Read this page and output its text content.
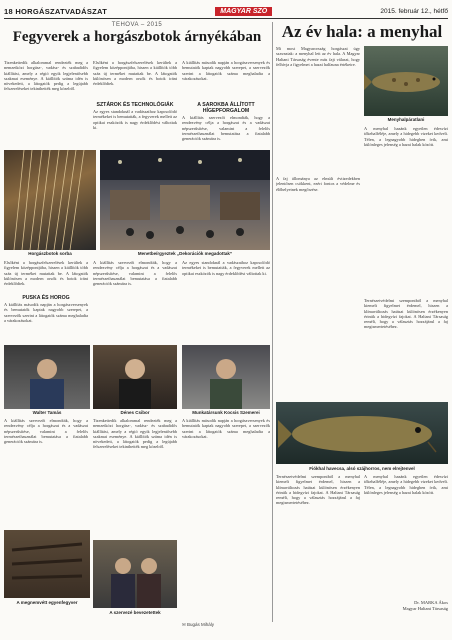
18 HORGÁSZATVADÁSZAT	MAGYAR SZÓ	2015. február 12., hétfő
TEHOVA – 2015
Fegyverek a horgászbotok árnyékában
Tizenkettedik alkalommal rendezték meg a nemzetközi horgász-, vadász- és szabadidős kiállítást, amely a régió egyik legjelentősebb szakmai eseménye. A kiállítók száma idén is növekedett, a látogatók pedig a legújabb felszereléseket tekinthették meg közelről.
Elsőként a horgászfelszerelések kerültek a figyelem középpontjába, hiszen a kiállítók több száz új terméket mutattak be. A látogatók különösen a modern orsók és botok iránt érdeklődtek.
SZTÁROK ÉS TECHNOLÓGIÁK
Az egyes standoknál a vadászathoz kapcsolódó termékeket is bemutatták, a fegyverek mellett az optikai eszközök is nagy érdeklődést váltottak ki.
A kiállítás második napján a horgászversenyek és bemutatók kaptak nagyobb szerepet, a szervezők szerint a látogatók száma meghaladta a várakozásokat.
A SAROKBA ÁLLÍTOTT HÍGEPFORGALOM
A kiállítás szervezői elmondták, hogy a rendezvény célja a horgászat és a vadászat népszerűsítése, valamint a felelős természethasználat bemutatása a fiatalabb generációk számára is.
Horgászbotok sorba	Menetbeírgyeztek „Dekorációk megadottak”
PUSKA ÉS HOROG
Elsőként a horgászfelszerelések kerültek a figyelem középpontjába, hiszen a kiállítók több száz új terméket mutattak be. A látogatók különösen a modern orsók és botok iránt érdeklődtek.
A kiállítás második napján a horgászversenyek és bemutatók kaptak nagyobb szerepet, a szervezők szerint a látogatók száma meghaladta a várakozásokat.
A kiállítás szervezői elmondták, hogy a rendezvény célja a horgászat és a vadászat népszerűsítése, valamint a felelős természethasználat bemutatása a fiatalabb generációk számára is.
Az egyes standoknál a vadászathoz kapcsolódó termékeket is bemutatták, a fegyverek mellett az optikai eszközök is nagy érdeklődést váltottak ki.
Walter Tamás	Dénes Csibor	Munkatársunk Kocsis Szemerei
A kiállítás szervezői elmondták, hogy a rendezvény célja a horgászat és a vadászat népszerűsítése, valamint a felelős természethasználat bemutatása a fiatalabb generációk számára is.
Tizenkettedik alkalommal rendezték meg a nemzetközi horgász-, vadász- és szabadidős kiállítást, amely a régió egyik legjelentősebb szakmai eseménye. A kiállítók száma idén is növekedett, a látogatók pedig a legújabb felszereléseket tekinthették meg közelről.
A kiállítás második napján a horgászversenyek és bemutatók kaptak nagyobb szerepet, a szervezők szerint a látogatók száma meghaladta a várakozásokat.
A megnemvétt egyenfegyver
A szervezé bevezetettek
✉ Bugás Mihály
Az év hala: a menyhal
Mi most Magyarország horgászai úgy szavaztak: a menyhal lett az év hala. A Magyar Haltani Társaság évente más fajt választ, hogy felhívja a figyelmet a hazai halfauna értékeire.
Menyhalpáratlani
A menyhal hazánk egyetlen édesvízi tőkehalféléje, amely a hidegebb vizeket kedveli. Télen, a legnagyobb hidegben ívik, ami különleges jelenség a hazai halak között.
A faj állománya az elmúlt évtizedekben jelentősen csökkent, ezért fontos a védelme és élőhelyeinek megőrzése.
Ternészetvédelmi szempontból a menyhal kiemelt figyelmet érdemel, hiszen a klímaváltozás hatásai különösen érzékenyen érintik a hidegvízi fajokat. A Haltani Társaság reméli, hogy a választás hozzájárul a faj megismertetéséhez.
Fiókhal havecsa, alsó szájhorros, nem elrejtenvel
Ternészetvédelmi szempontból a menyhal kiemelt figyelmet érdemel, hiszen a klímaváltozás hatásai különösen érzékenyen érintik a hidegvízi fajokat. A Haltani Társaság reméli, hogy a választás hozzájárul a faj megismertetéséhez.
A menyhal hazánk egyetlen édesvízi tőkehalféléje, amely a hidegebb vizeket kedveli. Télen, a legnagyobb hidegben ívik, ami különleges jelenség a hazai halak között.
Dr. MARKA Ákos
Magyar Haltani Társaság
